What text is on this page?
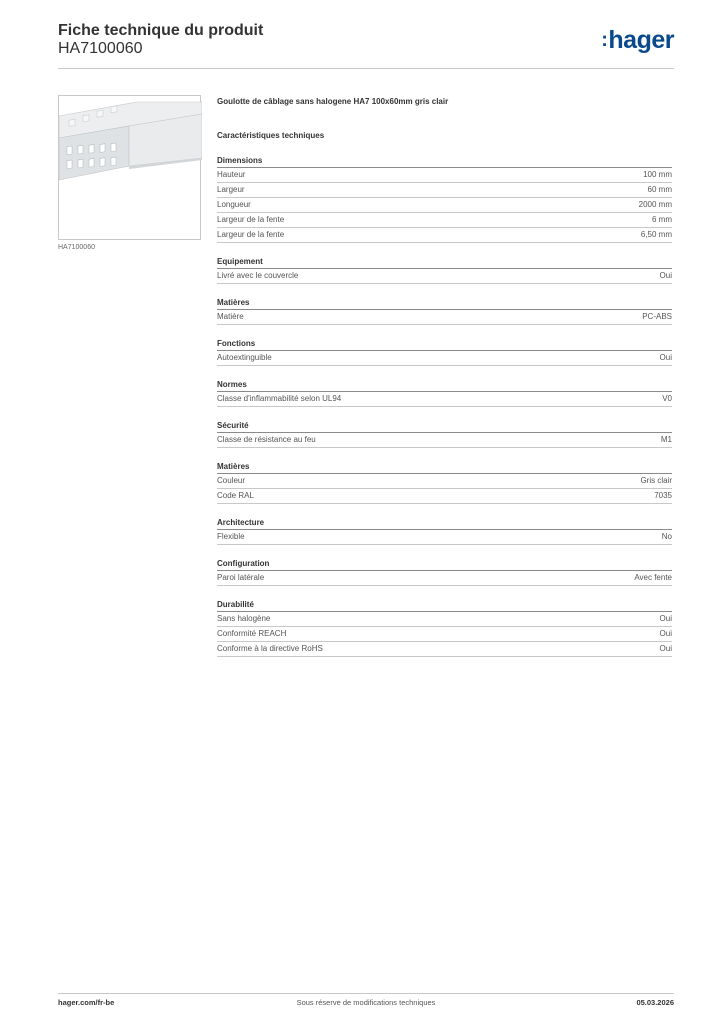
Fiche technique du produit
HA7100060	:hager
HA7100060
Goulotte de câblage sans halogene HA7 100x60mm gris clair
Caractéristiques techniques
Dimensions
Hauteur	100 mm
Largeur	60 mm
Longueur	2000 mm
Largeur de la fente	6 mm
Largeur de la fente	6,50 mm
Equipement
Livré avec le couvercle	Oui
Matières
Matière	PC-ABS
Fonctions
Autoextinguible	Oui
Normes
Classe d'inflammabilité selon UL94	V0
Sécurité
Classe de résistance au feu	M1
Matières
Couleur	Gris clair
Code RAL	7035
Architecture
Flexible	No
Configuration
Paroi latérale	Avec fente
Durabilité
Sans halogène	Oui
Conformité REACH	Oui
Conforme à la directive RoHS	Oui
Sous réserve de modifications techniques
hager.com/fr-be	05.03.2026
